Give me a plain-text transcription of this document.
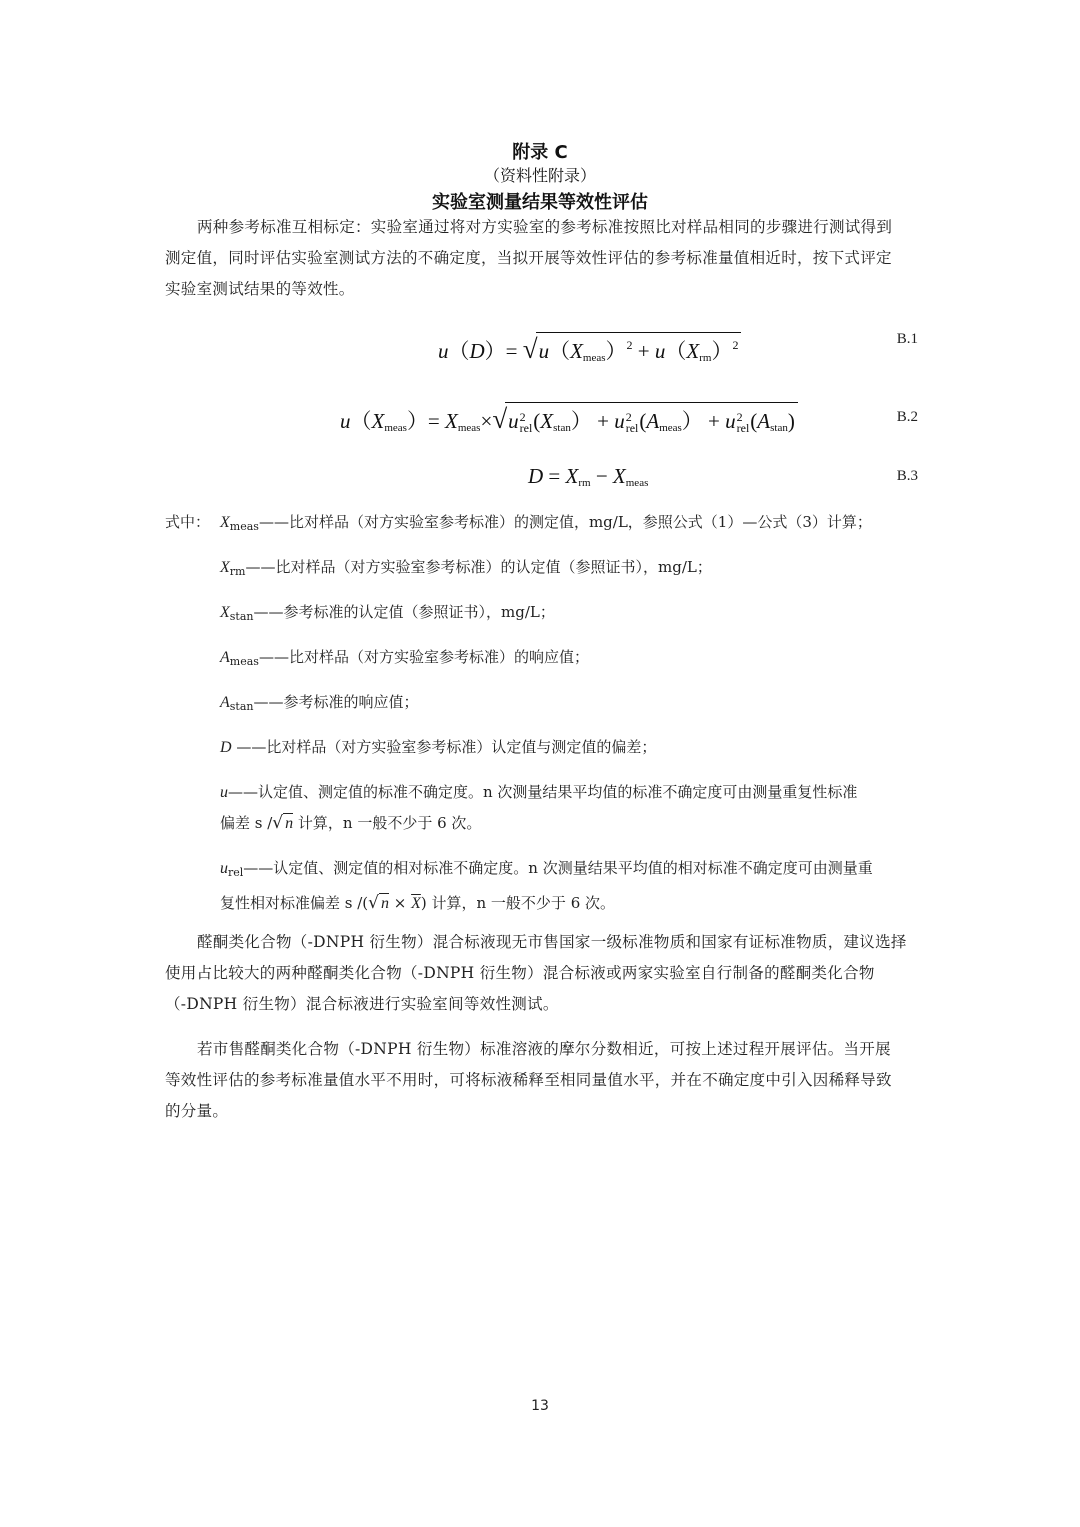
附录 C
（资料性附录）
实验室测量结果等效性评估
两种参考标准互相标定：实验室通过将对方实验室的参考标准按照比对样品相同的步骤进行测试得到
测定值，同时评估实验室测试方法的不确定度，当拟开展等效性评估的参考标准量值相近时，按下式评定
实验室测试结果的等效性。
$u(D)= √u(X_{meas})^2 + u(X_{rm})^2$	B.1
$u(X_{meas})= X_{meas}\times√u$ 2
rel $(X_{stan}) + u$ 2
rel $(A_{meas}) + u$ 2
rel $(A_{stan})$	B.2
$D = X_{rm} - X_{meas}$	B.3
式中： $X_{meas}——$比对样品（对方实验室参考标准）的测定值，mg/L，参照公式（1）—公式（3）计算；
$X_{rm}——$比对样品（对方实验室参考标准）的认定值（参照证书），mg/L；
$X_{stan}——$参考标准的认定值（参照证书），mg/L；
$A_{meas}——$比对样品（对方实验室参考标准）的响应值；
$A_{stan}——$参考标准的响应值；
D ——比对样品（对方实验室参考标准）认定值与测定值的偏差；
u——认定值、测定值的标准不确定度。n 次测量结果平均值的标准不确定度可由测量重复性标准
偏差 s /√ n 计算，n 一般不少于 6 次。
$u_{rel}——$认定值、测定值的相对标准不确定度。n 次测量结果平均值的相对标准不确定度可由测量重
复性相对标准偏差 s /(√ $n \times \overline{X}$) 计算，n 一般不少于 6 次。
醛酮类化合物（-DNPH 衍生物）混合标液现无市售国家一级标准物质和国家有证标准物质，建议选择
使用占比较大的两种醛酮类化合物（-DNPH 衍生物）混合标液或两家实验室自行制备的醛酮类化合物
（-DNPH 衍生物）混合标液进行实验室间等效性测试。
若市售醛酮类化合物（-DNPH 衍生物）标准溶液的摩尔分数相近，可按上述过程开展评估。当开展
等效性评估的参考标准量值水平不用时，可将标液稀释至相同量值水平，并在不确定度中引入因稀释导致
的分量。
13
